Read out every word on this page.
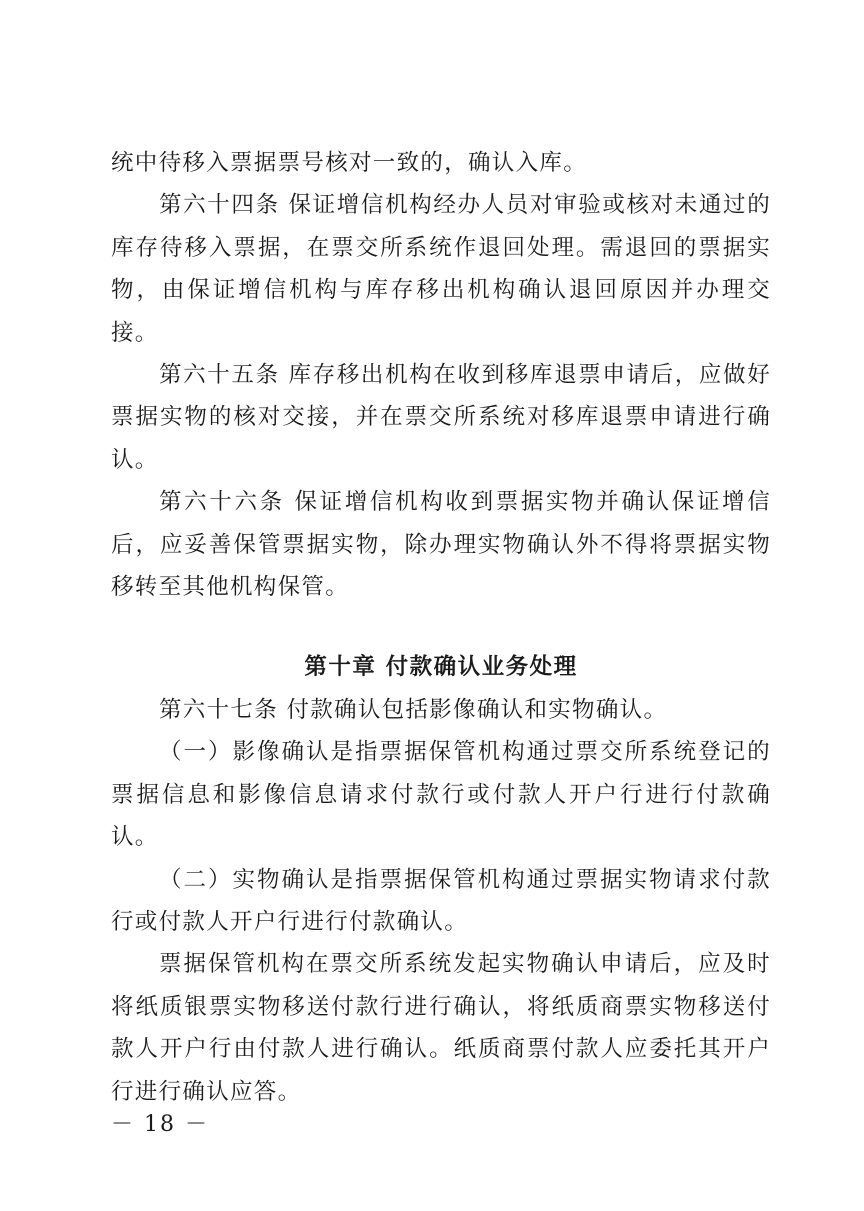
统中待移入票据票号核对一致的，确认入库。

第六十四条 保证增信机构经办人员对审验或核对未通过的库存待移入票据，在票交所系统作退回处理。需退回的票据实物，由保证增信机构与库存移出机构确认退回原因并办理交接。

第六十五条 库存移出机构在收到移库退票申请后，应做好票据实物的核对交接，并在票交所系统对移库退票申请进行确认。

第六十六条 保证增信机构收到票据实物并确认保证增信后，应妥善保管票据实物，除办理实物确认外不得将票据实物移转至其他机构保管。

第十章 付款确认业务处理

第六十七条 付款确认包括影像确认和实物确认。

（一）影像确认是指票据保管机构通过票交所系统登记的票据信息和影像信息请求付款行或付款人开户行进行付款确认。

（二）实物确认是指票据保管机构通过票据实物请求付款行或付款人开户行进行付款确认。

票据保管机构在票交所系统发起实物确认申请后，应及时将纸质银票实物移送付款行进行确认，将纸质商票实物移送付款人开户行由付款人进行确认。纸质商票付款人应委托其开户行进行确认应答。

－ 18 －
